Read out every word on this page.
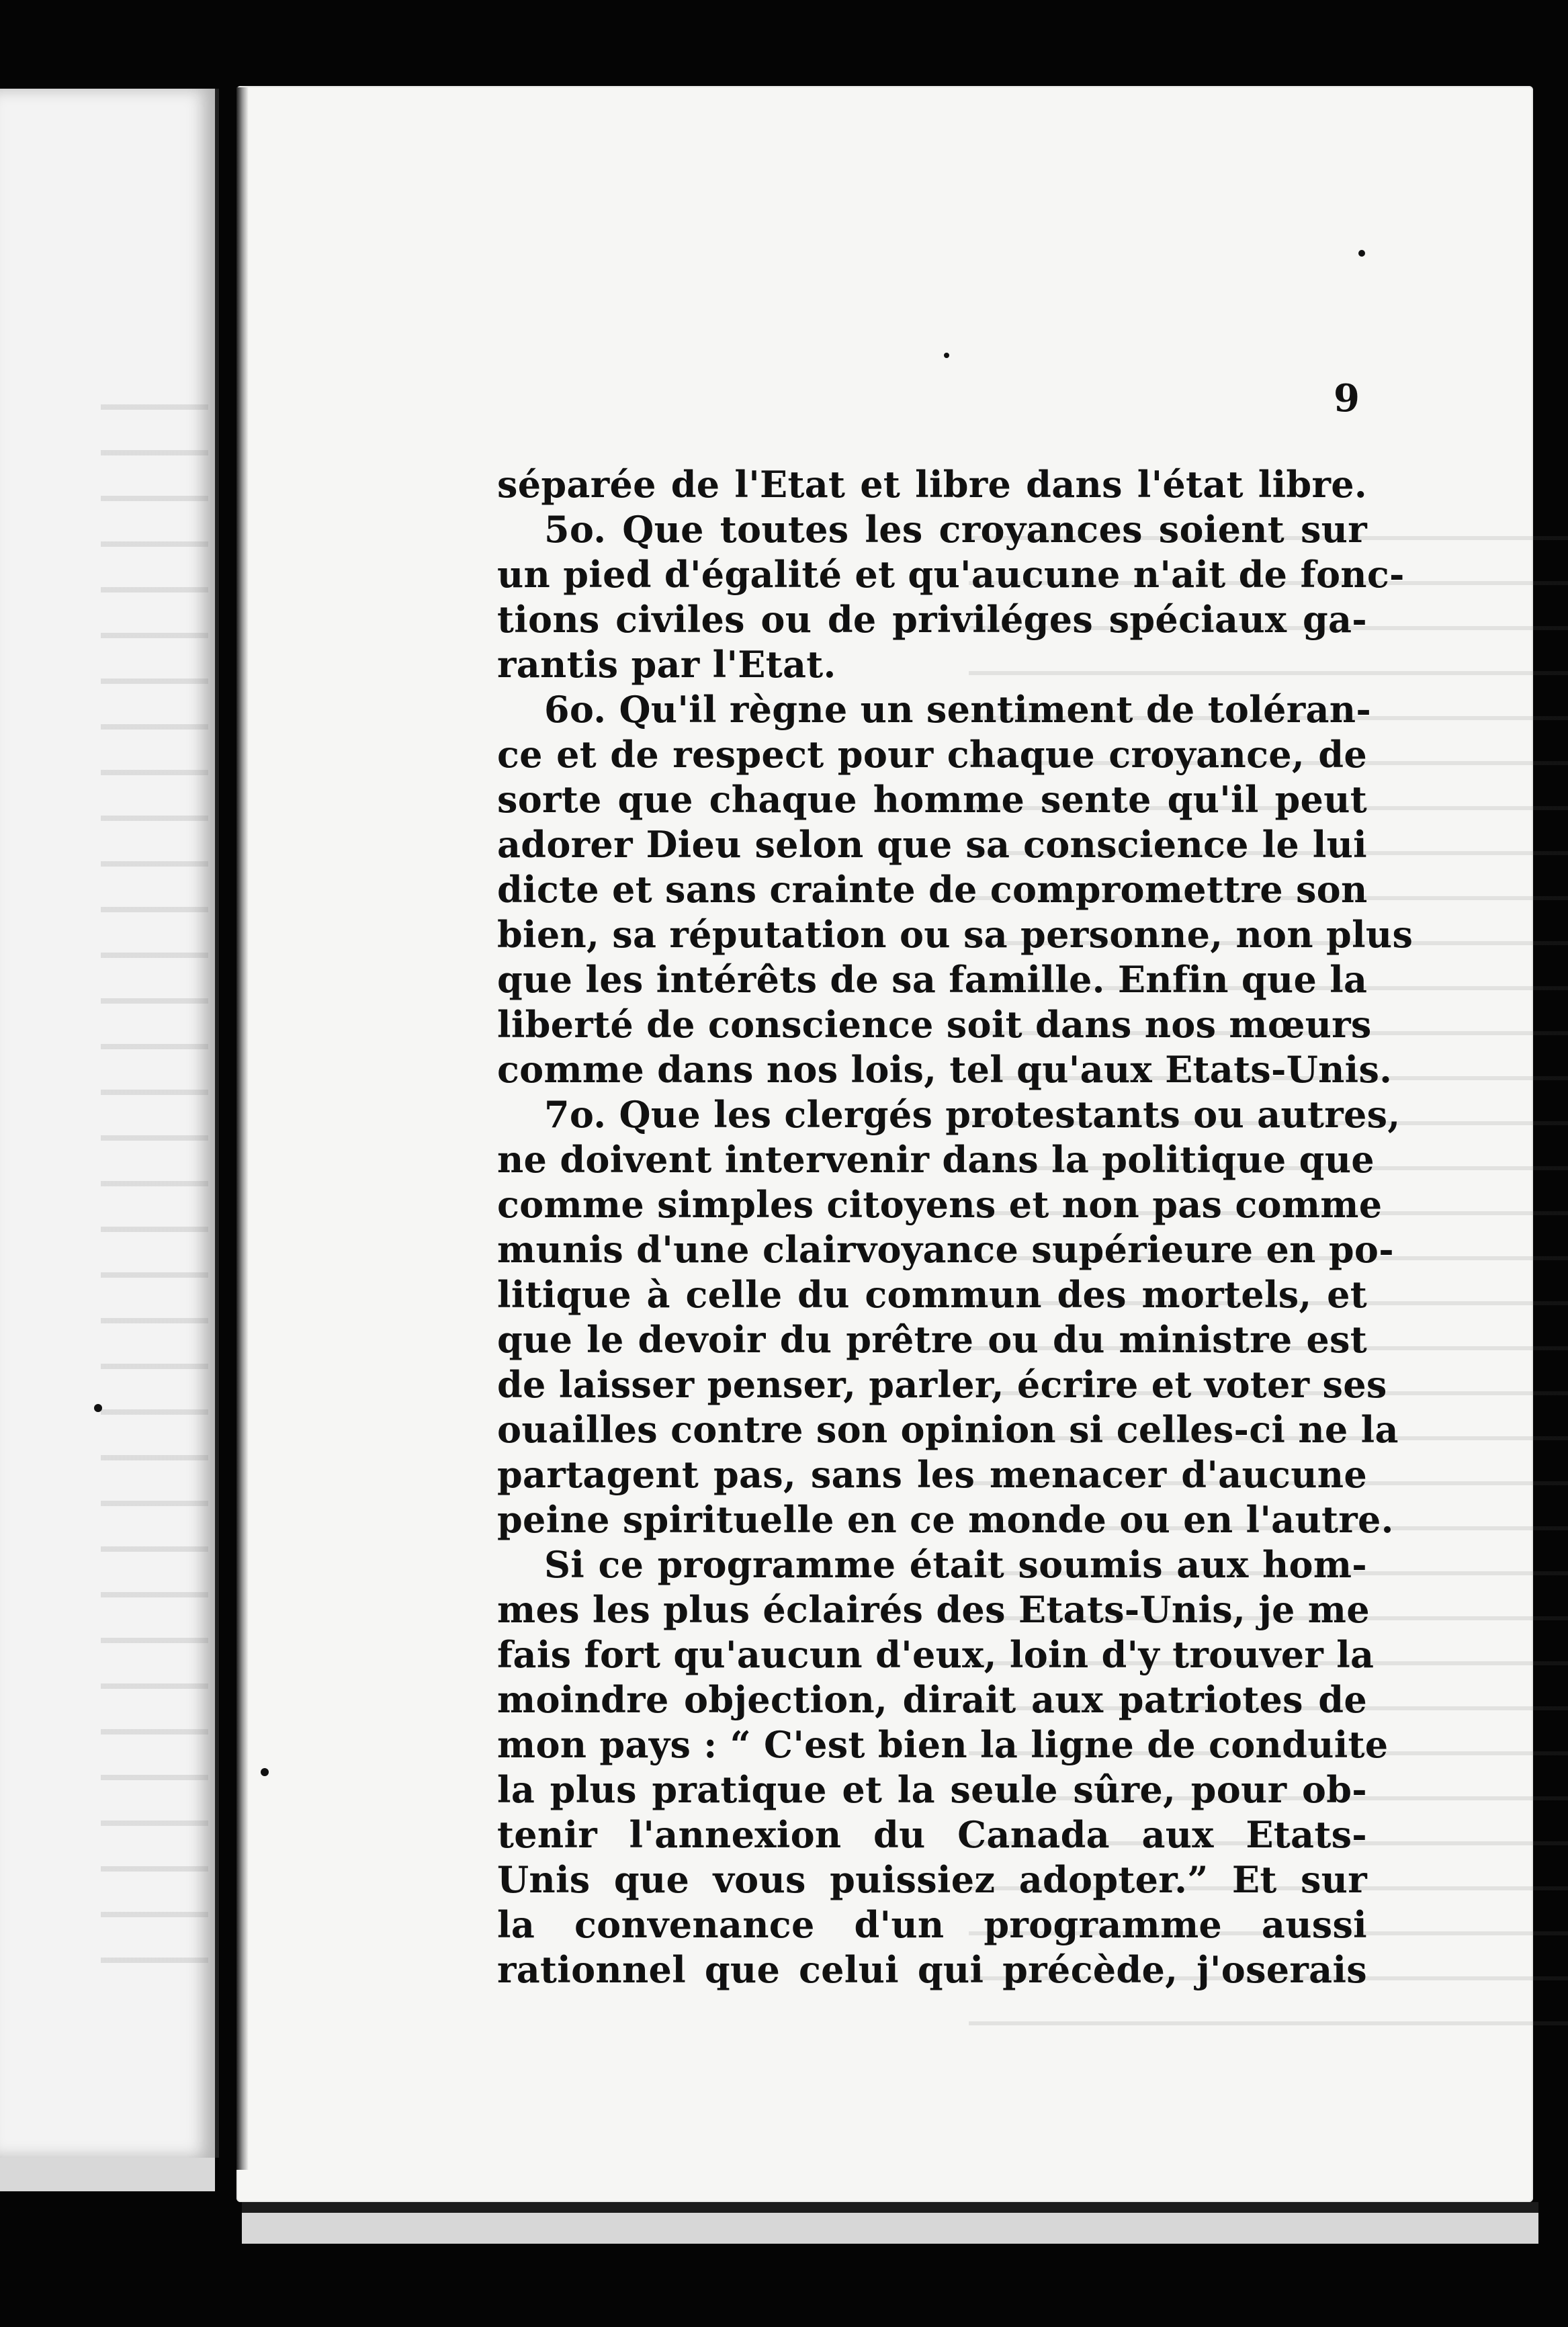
9
séparée de l'Etat et libre dans l'état libre.
5o. Que toutes les croyances soient sur
un pied d'égalité et qu'aucune n'ait de fonc-
tions civiles ou de priviléges spéciaux ga-
rantis par l'Etat.
6o. Qu'il règne un sentiment de toléran-
ce et de respect pour chaque croyance, de
sorte que chaque homme sente qu'il peut
adorer Dieu selon que sa conscience le lui
dicte et sans crainte de compromettre son
bien, sa réputation ou sa personne, non plus
que les intérêts de sa famille. Enfin que la
liberté de conscience soit dans nos mœurs
comme dans nos lois, tel qu'aux Etats-Unis.
7o. Que les clergés protestants ou autres,
ne doivent intervenir dans la politique que
comme simples citoyens et non pas comme
munis d'une clairvoyance supérieure en po-
litique à celle du commun des mortels, et
que le devoir du prêtre ou du ministre est
de laisser penser, parler, écrire et voter ses
ouailles contre son opinion si celles-ci ne la
partagent pas, sans les menacer d'aucune
peine spirituelle en ce monde ou en l'autre.
Si ce programme était soumis aux hom-
mes les plus éclairés des Etats-Unis, je me
fais fort qu'aucun d'eux, loin d'y trouver la
moindre objection, dirait aux patriotes de
mon pays : “ C'est bien la ligne de conduite
la plus pratique et la seule sûre, pour ob-
tenir l'annexion du Canada aux Etats-
Unis que vous puissiez adopter.” Et sur
la convenance d'un programme aussi
rationnel que celui qui précède, j'oserais
